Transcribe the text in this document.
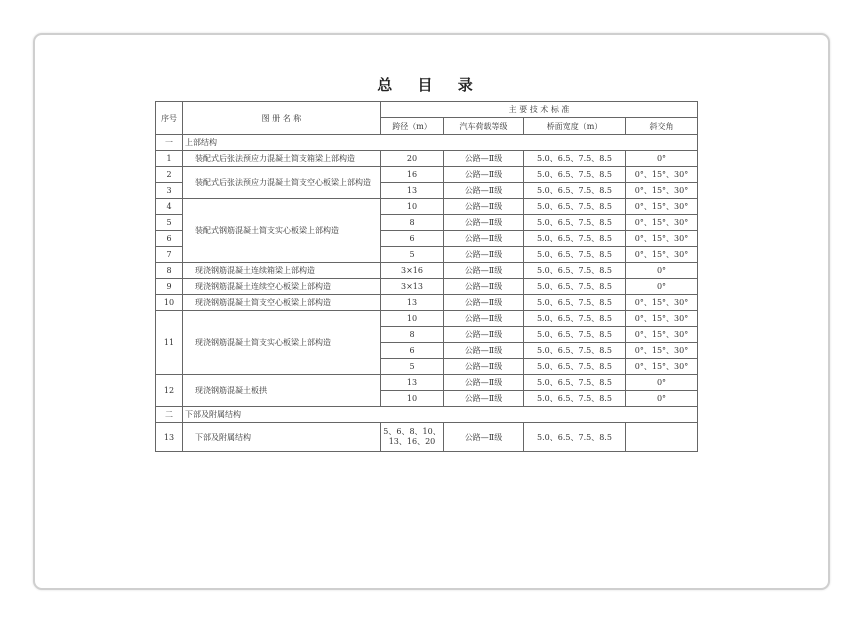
总 目 录
序号	图 册 名 称	主 要 技 术 标 准			
		跨径（m）	汽车荷载等级	桥面宽度（m）	斜交角
一	上部结构				
1	装配式后张法预应力混凝土简支箱梁上部构造	20	公路—Ⅱ级	5.0、6.5、7.5、8.5	0°
2	装配式后张法预应力混凝土简支空心板梁上部构造	16	公路—Ⅱ级	5.0、6.5、7.5、8.5	0°、15°、30°
3		13	公路—Ⅱ级	5.0、6.5、7.5、8.5	0°、15°、30°
4	装配式钢筋混凝土简支实心板梁上部构造	10	公路—Ⅱ级	5.0、6.5、7.5、8.5	0°、15°、30°
5		8	公路—Ⅱ级	5.0、6.5、7.5、8.5	0°、15°、30°
6		6	公路—Ⅱ级	5.0、6.5、7.5、8.5	0°、15°、30°
7		5	公路—Ⅱ级	5.0、6.5、7.5、8.5	0°、15°、30°
8	现浇钢筋混凝土连续箱梁上部构造	3×16	公路—Ⅱ级	5.0、6.5、7.5、8.5	0°
9	现浇钢筋混凝土连续空心板梁上部构造	3×13	公路—Ⅱ级	5.0、6.5、7.5、8.5	0°
10	现浇钢筋混凝土简支空心板梁上部构造	13	公路—Ⅱ级	5.0、6.5、7.5、8.5	0°、15°、30°
11	现浇钢筋混凝土简支实心板梁上部构造	10	公路—Ⅱ级	5.0、6.5、7.5、8.5	0°、15°、30°
		8	公路—Ⅱ级	5.0、6.5、7.5、8.5	0°、15°、30°
		6	公路—Ⅱ级	5.0、6.5、7.5、8.5	0°、15°、30°
		5	公路—Ⅱ级	5.0、6.5、7.5、8.5	0°、15°、30°
12	现浇钢筋混凝土板拱	13	公路—Ⅱ级	5.0、6.5、7.5、8.5	0°
		10	公路—Ⅱ级	5.0、6.5、7.5、8.5	0°
二	下部及附属结构				
13	下部及附属结构	5、6、8、10、13、16、20	公路—Ⅱ级	5.0、6.5、7.5、8.5	
